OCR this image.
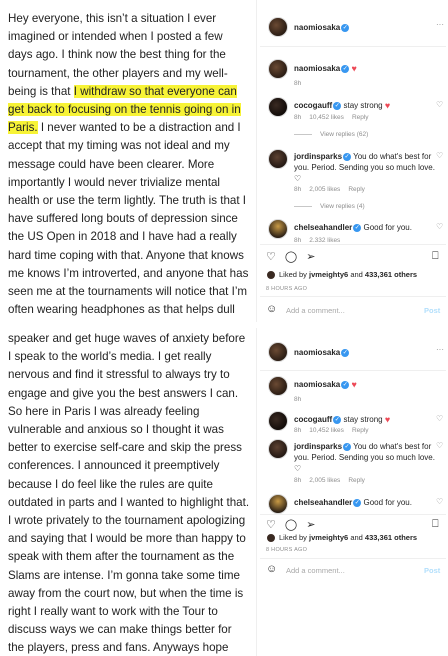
Hey everyone, this isn’t a situation I ever imagined or intended when I posted a few days ago. I think now the best thing for the tournament, the other players and my well-being is that I withdraw so that everyone can get back to focusing on the tennis going on in Paris. I never wanted to be a distraction and I accept that my timing was not ideal and my message could have been clearer. More importantly I would never trivialize mental health or use the term lightly. The truth is that I have suffered long bouts of depression since the US Open in 2018 and I have had a really hard time coping with that. Anyone that knows me knows I’m introverted, and anyone that has seen me at the tournaments will notice that I’m often wearing headphones as that helps dull
naomiosaka ✓	···
naomiosaka ✓ ♥
8h
cocogauff ✓ stay strong ♥	♡
8h 10,452 likes Reply
View replies (62)
jordinsparks ✓ You do what's best for you. Period. Sending you so much love. ♡
♡
8h 2,005 likes Reply
View replies (4)
chelseahandler ✓ Good for you.	♡
8h 2,332 likes
♡ ◯ ➢	⎕
Liked by jvmeighty6 and 433,361 others
8 HOURS AGO
☺ Add a comment...	Post
speaker and get huge waves of anxiety before I speak to the world’s media. I get really nervous and find it stressful to always try to engage and give you the best answers I can. So here in Paris I was already feeling vulnerable and anxious so I thought it was better to exercise self-care and skip the press conferences. I announced it preemptively because I do feel like the rules are quite outdated in parts and I wanted to highlight that. I wrote privately to the tournament apologizing and saying that I would be more than happy to speak with them after the tournament as the Slams are intense. I’m gonna take some time away from the court now, but when the time is right I really want to work with the Tour to discuss ways we can make things better for the players, press and fans. Anyways hope
naomiosaka ✓	···
naomiosaka ✓ ♥
8h
cocogauff ✓ stay strong ♥	♡
8h 10,452 likes Reply
jordinsparks ✓ You do what's best for you. Period. Sending you so much love. ♡
♡
8h 2,005 likes Reply
chelseahandler ✓ Good for you.	♡
♡ ◯ ➢	⎕
Liked by jvmeighty6 and 433,361 others
8 HOURS AGO
☺ Add a comment...	Post
